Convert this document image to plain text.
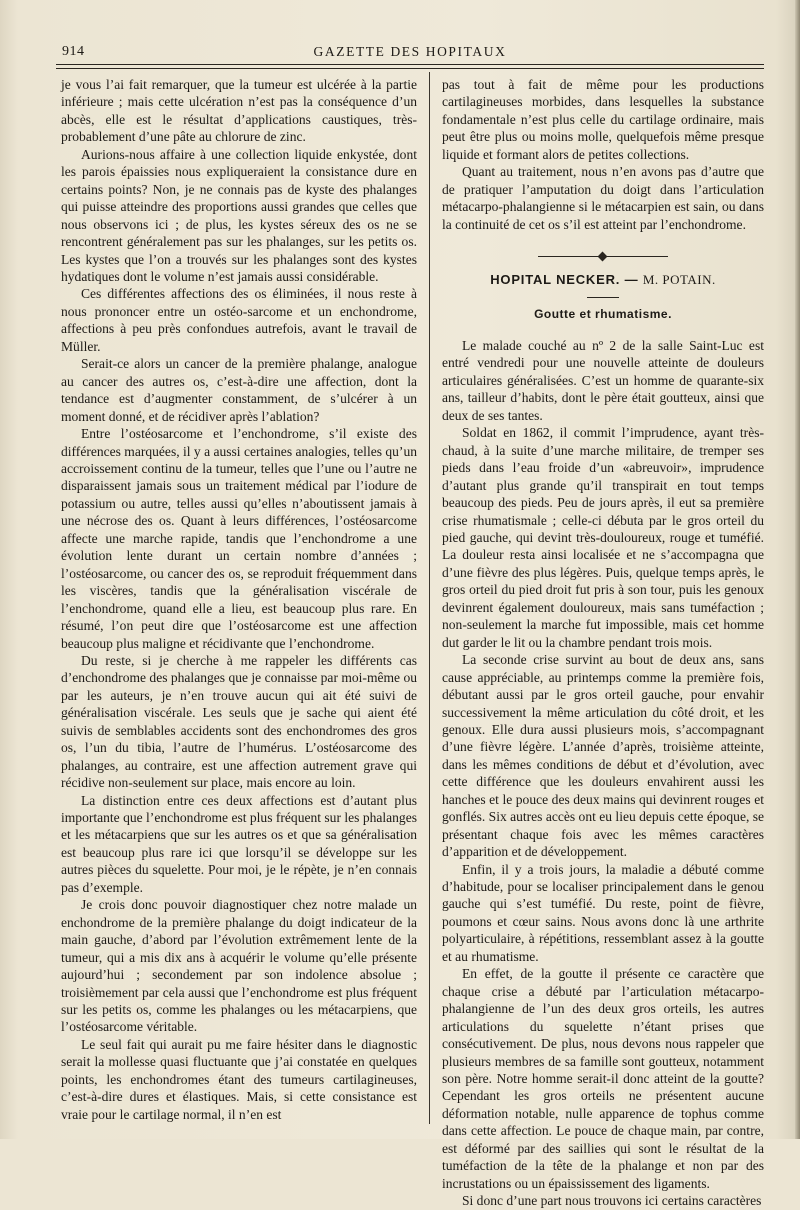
914	GAZETTE DES HOPITAUX

je vous l’ai fait remarquer, que la tumeur est ulcérée à la partie inférieure ; mais cette ulcération n’est pas la conséquence d’un abcès, elle est le résultat d’applications caustiques, très-probablement d’une pâte au chlorure de zinc.

Aurions-nous affaire à une collection liquide enkystée, dont les parois épaissies nous expliqueraient la consistance dure en certains points? Non, je ne connais pas de kyste des phalanges qui puisse atteindre des proportions aussi grandes que celles que nous observons ici ; de plus, les kystes séreux des os ne se rencontrent généralement pas sur les phalanges, sur les petits os. Les kystes que l’on a trouvés sur les phalanges sont des kystes hydatiques dont le volume n’est jamais aussi considérable.

Ces différentes affections des os éliminées, il nous reste à nous prononcer entre un ostéo-sarcome et un enchondrome, affections à peu près confondues autrefois, avant le travail de Müller.

Serait-ce alors un cancer de la première phalange, analogue au cancer des autres os, c’est-à-dire une affection, dont la tendance est d’augmenter constamment, de s’ulcérer à un moment donné, et de récidiver après l’ablation?

Entre l’ostéosarcome et l’enchondrome, s’il existe des différences marquées, il y a aussi certaines analogies, telles qu’un accroissement continu de la tumeur, telles que l’une ou l’autre ne disparaissent jamais sous un traitement médical par l’iodure de potassium ou autre, telles aussi qu’elles n’aboutissent jamais à une nécrose des os. Quant à leurs différences, l’ostéosarcome affecte une marche rapide, tandis que l’enchondrome a une évolution lente durant un certain nombre d’années ; l’ostéosarcome, ou cancer des os, se reproduit fréquemment dans les viscères, tandis que la généralisation viscérale de l’enchondrome, quand elle a lieu, est beaucoup plus rare. En résumé, l’on peut dire que l’ostéosarcome est une affection beaucoup plus maligne et récidivante que l’enchondrome.

Du reste, si je cherche à me rappeler les différents cas d’enchondrome des phalanges que je connaisse par moi-même ou par les auteurs, je n’en trouve aucun qui ait été suivi de généralisation viscérale. Les seuls que je sache qui aient été suivis de semblables accidents sont des enchondromes des gros os, l’un du tibia, l’autre de l’humérus. L’ostéosarcome des phalanges, au contraire, est une affection autrement grave qui récidive non-seulement sur place, mais encore au loin.

La distinction entre ces deux affections est d’autant plus importante que l’enchondrome est plus fréquent sur les phalanges et les métacarpiens que sur les autres os et que sa généralisation est beaucoup plus rare ici que lorsqu’il se développe sur les autres pièces du squelette. Pour moi, je le répète, je n’en connais pas d’exemple.

Je crois donc pouvoir diagnostiquer chez notre malade un enchondrome de la première phalange du doigt indicateur de la main gauche, d’abord par l’évolution extrêmement lente de la tumeur, qui a mis dix ans à acquérir le volume qu’elle présente aujourd’hui ; secondement par son indolence absolue ; troisièmement par cela aussi que l’enchondrome est plus fréquent sur les petits os, comme les phalanges ou les métacarpiens, que l’ostéosarcome véritable.

Le seul fait qui aurait pu me faire hésiter dans le diagnostic serait la mollesse quasi fluctuante que j’ai constatée en quelques points, les enchondromes étant des tumeurs cartilagineuses, c’est-à-dire dures et élastiques. Mais, si cette consistance est vraie pour le cartilage normal, il n’en est

pas tout à fait de même pour les productions cartilagineuses morbides, dans lesquelles la substance fondamentale n’est plus celle du cartilage ordinaire, mais peut être plus ou moins molle, quelquefois même presque liquide et formant alors de petites collections.

Quant au traitement, nous n’en avons pas d’autre que de pratiquer l’amputation du doigt dans l’articulation métacarpo-phalangienne si le métacarpien est sain, ou dans la continuité de cet os s’il est atteint par l’enchondrome.

HOPITAL NECKER. — M. POTAIN.
Goutte et rhumatisme.

Le malade couché au nº 2 de la salle Saint-Luc est entré vendredi pour une nouvelle atteinte de douleurs articulaires généralisées. C’est un homme de quarante-six ans, tailleur d’habits, dont le père était goutteux, ainsi que deux de ses tantes.

Soldat en 1862, il commit l’imprudence, ayant très-chaud, à la suite d’une marche militaire, de tremper ses pieds dans l’eau froide d’un «abreuvoir», imprudence d’autant plus grande qu’il transpirait en tout temps beaucoup des pieds. Peu de jours après, il eut sa première crise rhumatismale ; celle-ci débuta par le gros orteil du pied gauche, qui devint très-douloureux, rouge et tuméfié. La douleur resta ainsi localisée et ne s’accompagna que d’une fièvre des plus légères. Puis, quelque temps après, le gros orteil du pied droit fut pris à son tour, puis les genoux devinrent également douloureux, mais sans tuméfaction ; non-seulement la marche fut impossible, mais cet homme dut garder le lit ou la chambre pendant trois mois.

La seconde crise survint au bout de deux ans, sans cause appréciable, au printemps comme la première fois, débutant aussi par le gros orteil gauche, pour envahir successivement la même articulation du côté droit, et les genoux. Elle dura aussi plusieurs mois, s’accompagnant d’une fièvre légère. L’année d’après, troisième atteinte, dans les mêmes conditions de début et d’évolution, avec cette différence que les douleurs envahirent aussi les hanches et le pouce des deux mains qui devinrent rouges et gonflés. Six autres accès ont eu lieu depuis cette époque, se présentant chaque fois avec les mêmes caractères d’apparition et de développement.

Enfin, il y a trois jours, la maladie a débuté comme d’habitude, pour se localiser principalement dans le genou gauche qui s’est tuméfié. Du reste, point de fièvre, poumons et cœur sains. Nous avons donc là une arthrite polyarticulaire, à répétitions, ressemblant assez à la goutte et au rhumatisme.

En effet, de la goutte il présente ce caractère que chaque crise a débuté par l’articulation métacarpo-phalangienne de l’un des deux gros orteils, les autres articulations du squelette n’étant prises que consécutivement. De plus, nous devons nous rappeler que plusieurs membres de sa famille sont goutteux, notamment son père. Notre homme serait-il donc atteint de la goutte? Cependant les gros orteils ne présentent aucune déformation notable, nulle apparence de tophus comme dans cette affection. Le pouce de chaque main, par contre, est déformé par des saillies qui sont le résultat de la tuméfaction de la tête de la phalange et non par des incrustations ou un épaississement des ligaments.

Si donc d’une part nous trouvons ici certains caractères
